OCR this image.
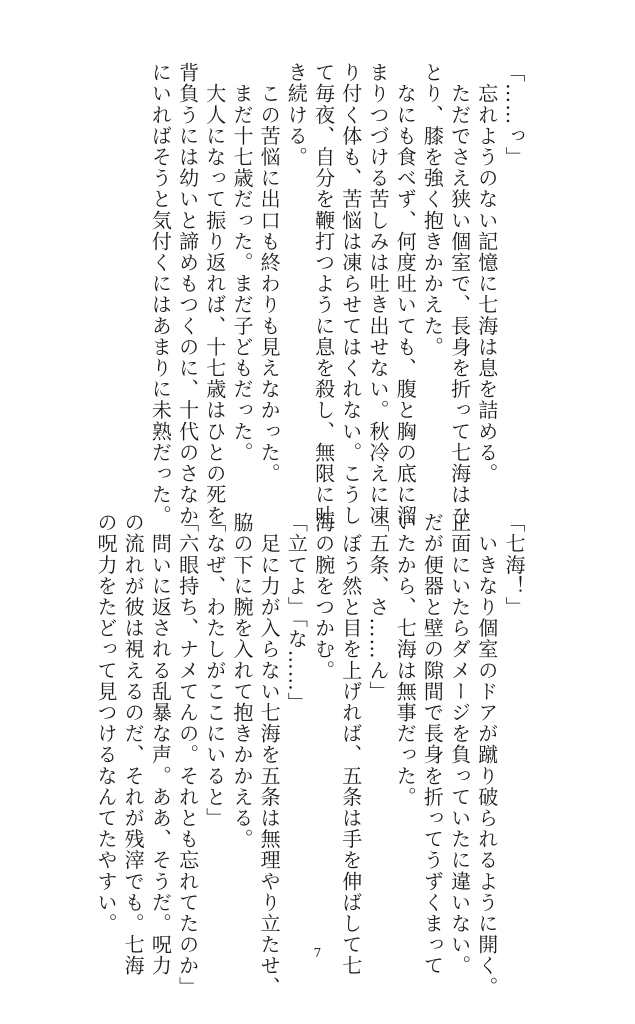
「……っ」
　忘れようのない記憶に七海は息を詰める。
　ただでさえ狭い個室で、長身を折って七海はひ
とり、膝を強く抱きかかえた。
　なにも食べず、何度吐いても、腹と胸の底に溜
まりつづける苦しみは吐き出せない。秋冷えに凍
り付く体も、苦悩は凍らせてはくれない。こうし
て毎夜、自分を鞭打つように息を殺し、無限に吐
き続ける。
　この苦悩に出口も終わりも見えなかった。
　まだ十七歳だった。まだ子どもだった。
　大人になって振り返れば、十七歳はひとの死を
背負うには幼いと諦めもつくのに、十代のさなか
にいればそうと気付くにはあまりに未熟だった。
「七海！」
　いきなり個室のドアが蹴り破られるように開く。
正面にいたらダメージを負っていたに違いない。
だが便器と壁の隙間で長身を折ってうずくまって
いたから、七海は無事だった。
「五条、さ……ん」
　ぼう然と目を上げれば、五条は手を伸ばして七
海の腕をつかむ。
「立てよ」「な……」
　足に力が入らない七海を五条は無理やり立たせ、
脇の下に腕を入れて抱きかかえる。
「なぜ、わたしがここにいると」
「六眼持ち、ナメてんの。それとも忘れてたのか」
　問いに返される乱暴な声。ああ、そうだ。呪力
の流れが彼は視えるのだ、それが残滓でも。七海
の呪力をたどって見つけるなんてたやすい。
7
